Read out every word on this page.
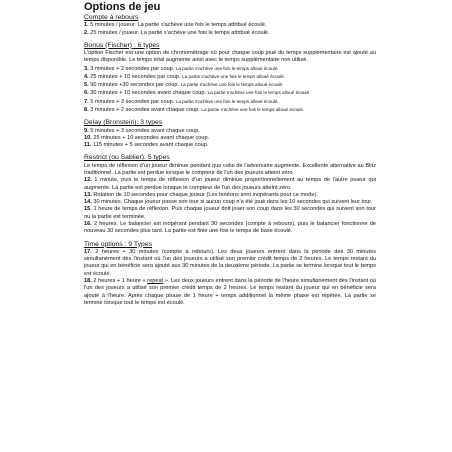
Options de jeu
Compte à rebours

1. 5 minutes / joueur. La partie s'achève une fois le temps attribué écoulé.

2. 25 minutes / joueur. La partie s'achève une fois le temps attribué écoulé.

Bonus (Fischer) : 6 types

L'option Fischer est une option de chronométrage où pour chaque coup joué du temps supplémentaire est ajouté au temps disponible. Le temps total augmente ainsi avec le temps supplémentaire non utilisé.

3. 3 minutes + 2 secondes par coup. La partie s'achève une fois le temps alloué écoulé.

4. 25 minutes + 10 secondes par coup. La partie s'achève une fois le temps alloué écoulé.

5. 90 minutes +30 secondes par coup. La partie s'achève une fois le temps alloué écoulé.

6. 30 minutes + 10 secondes avant chaque coup. La partie s'achève une fois le temps alloué écoulé.

7. 5 minutes + 3 secondes par coup. La partie s'achève une fois le temps alloué écoulé.

8. 3 minutes + 2 secondes avant chaque coup. La partie s'achève une fois le temps alloué écoulé.

Delay (Bronstein): 3 types

9. 5 minutes + 3 secondes avant chaque coup.

10. 25 minutes + 10 secondes avant chaque coup.

11. 115 minutes + 5 secondes avant chaque coup.

Restrict (ou Sablier): 5 types

Le temps de réflexion d'un joueur diminue pendant que celui de l'adversaire augmente. Excellente alternative au Blitz traditionnel. La partie est perdue lorsque le compteur de l'un des joueurs atteint zéro.

12. 1 minute, puis le temps de réflexion d'un joueur diminue proportionnellement au temps de l'autre joueur qui augmente. La partie est perdue lorsque le compteur de l'un des joueurs atteint zéro.

13. Rotation de 10 secondes pour chaque joueur (Les boutons sont inopérants pour ce mode).

14. 30 minutes. Chaque joueur passe son tour si aucun coup n'a été joué dans les 10 secondes qui suivent leur tour.

15. 1 heure de temps de réflexion. Puis chaque joueur doit jouer son coup dans les 30 secondes qui suivent son tour ou la partie est terminée.

16. 2 heures. Le balancier est inopérant pendant 30 secondes (compte à rebours), puis le balancier fonctionne de nouveau 30 secondes plus tard. La partie est finie une fois le temps de base écoulé.

Time options : 9 Types

17. 2 heures + 30 minutes (compte à rebours). Les deux joueurs entrent dans la période des 30 minutes simultanément dès l'instant où l'un des joueurs a utilisé son premier crédit temps de 2 heures. Le temps restant du joueur qui en bénéficie sera ajouté aux 30 minutes de la deuxième période. La partie se termine lorsque tout le temps est écoulé.

18. 2 heures + 1 heure « repeat ». Les deux joueurs entrent dans la période de l'heure simultanément dès l'instant où l'un des joueurs a utilisé son premier crédit temps de 2 heures. Le temps restant du joueur qui en bénéficie sera ajouté à l'heure. Après chaque phase de 1 heure + temps additionnel la même phase est répétée. La partie se termine lorsque tout le temps est écoulé.
